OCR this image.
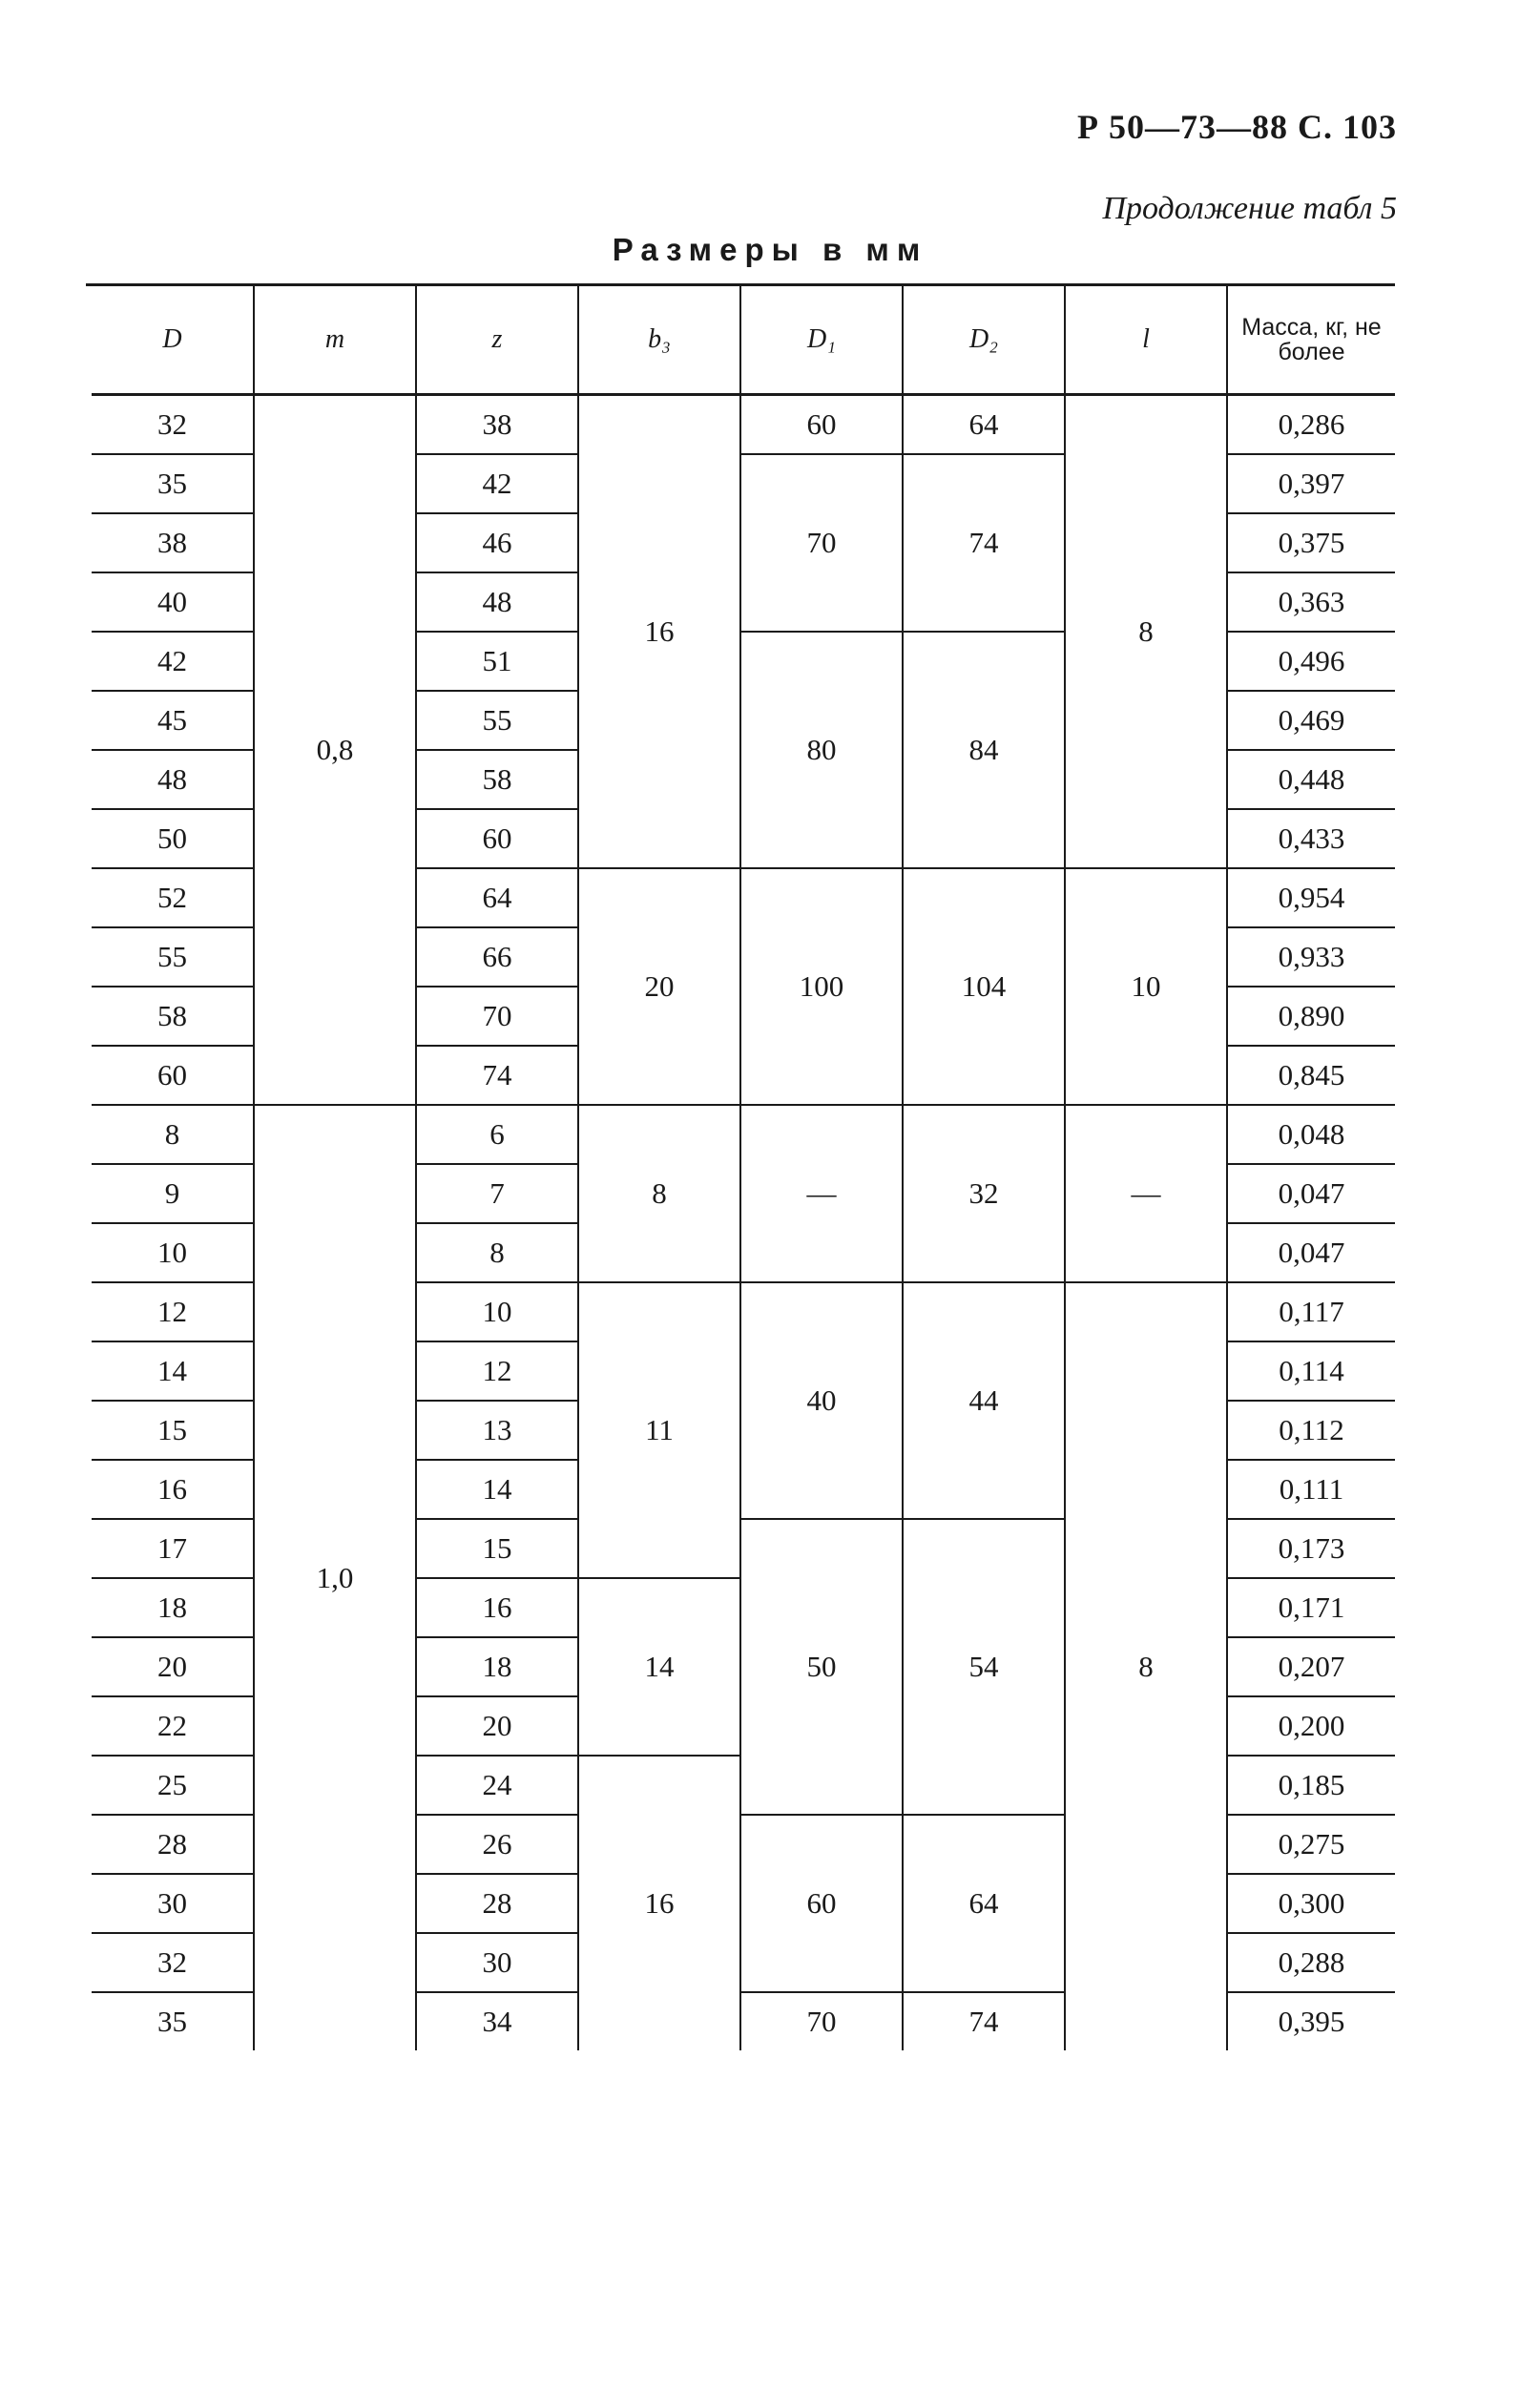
Р 50—73—88 С. 103
Продолжение табл 5
Размеры в мм
D	m	z	b₃	D₁	D₂	l	Масса, кг, не более
32	0,8	38	16	60	64	8	0,286
35		42		70	74		0,397
38		46					0,375
40		48					0,363
42		51		80	84		0,496
45		55					0,469
48		58					0,448
50		60					0,433
52		64	20	100	104	10	0,954
55		66					0,933
58		70					0,890
60		74					0,845
8	1,0	6	8	—	32	—	0,048
9		7					0,047
10		8					0,047
12		10	11	40	44	8	0,117
14		12					0,114
15		13					0,112
16		14					0,111
17		15		50	54		0,173
18		16	14				0,171
20		18					0,207
22		20					0,200
25		24	16				0,185
28		26		60	64		0,275
30		28					0,300
32		30					0,288
35		34		70	74		0,395
